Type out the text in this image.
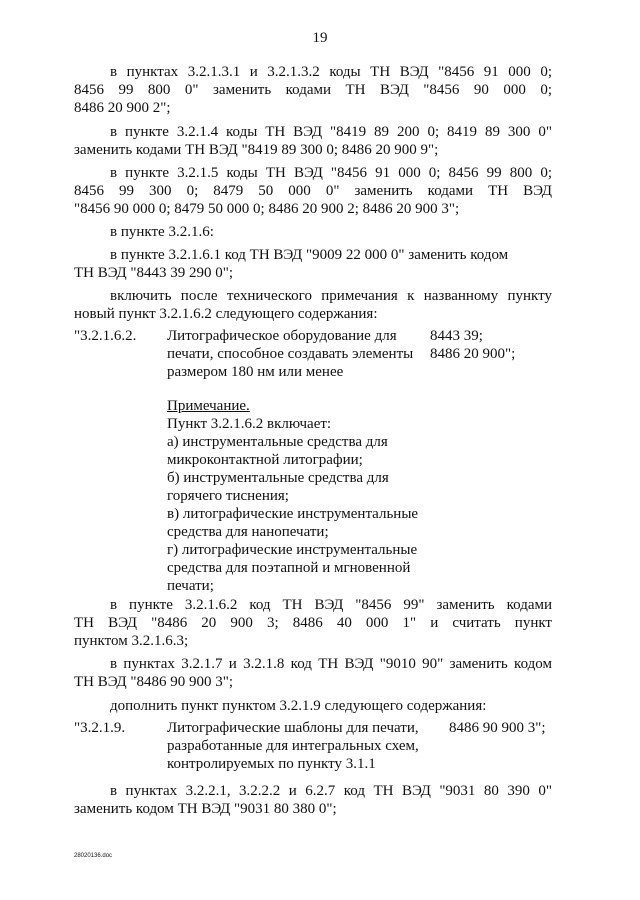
19
в пунктах 3.2.1.3.1 и 3.2.1.3.2 коды ТН ВЭД "8456 91 000 0;
8456 99 800 0" заменить кодами ТН ВЭД "8456 90 000 0;
8486 20 900 2";
в пункте 3.2.1.4 коды ТН ВЭД "8419 89 200 0; 8419 89 300 0"
заменить кодами ТН ВЭД "8419 89 300 0; 8486 20 900 9";
в пункте 3.2.1.5 коды ТН ВЭД "8456 91 000 0; 8456 99 800 0;
8456 99 300 0; 8479 50 000 0" заменить кодами ТН ВЭД
"8456 90 000 0; 8479 50 000 0; 8486 20 900 2; 8486 20 900 3";
в пункте 3.2.1.6:
в пункте 3.2.1.6.1 код ТН ВЭД "9009 22 000 0" заменить кодом
ТН ВЭД "8443 39 290 0";
включить после технического примечания к названному пункту
новый пункт 3.2.1.6.2 следующего содержания:
"3.2.1.6.2. Литографическое оборудование для
печати, способное создавать элементы
размером 180 нм или менее
8443 39;
8486 20 900";
Примечание.
Пункт 3.2.1.6.2 включает:
а) инструментальные средства для
микроконтактной литографии;
б) инструментальные средства для
горячего тиснения;
в) литографические инструментальные
средства для нанопечати;
г) литографические инструментальные
средства для поэтапной и мгновенной
печати;
в пункте 3.2.1.6.2 код ТН ВЭД "8456 99" заменить кодами
ТН ВЭД "8486 20 900 3; 8486 40 000 1" и считать пункт
пунктом 3.2.1.6.3;
в пунктах 3.2.1.7 и 3.2.1.8 код ТН ВЭД "9010 90" заменить кодом
ТН ВЭД "8486 90 900 3";
дополнить пункт пунктом 3.2.1.9 следующего содержания:
"3.2.1.9.	Литографические шаблоны для печати,
разработанные для интегральных схем,
контролируемых по пункту 3.1.1
8486 90 900 3";
в пунктах 3.2.2.1, 3.2.2.2 и 6.2.7 код ТН ВЭД "9031 80 390 0"
заменить кодом ТН ВЭД "9031 80 380 0";
28020136.doc
